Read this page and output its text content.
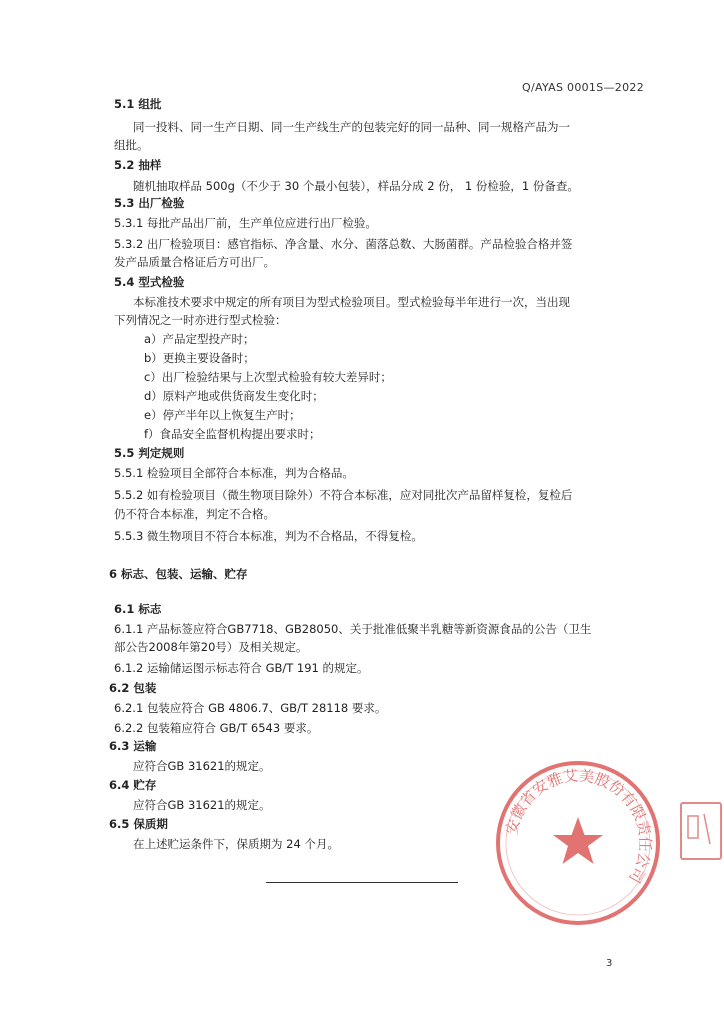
Q/AYAS 0001S—2022
5.1 组批
同一投料、同一生产日期、同一生产线生产的包装完好的同一品种、同一规格产品为一
组批。
5.2 抽样
随机抽取样品 500g（不少于 30 个最小包装），样品分成 2 份， 1 份检验，1 份备查。
5.3 出厂检验
5.3.1 每批产品出厂前，生产单位应进行出厂检验。
5.3.2 出厂检验项目：感官指标、净含量、水分、菌落总数、大肠菌群。产品检验合格并签
发产品质量合格证后方可出厂。
5.4 型式检验
本标准技术要求中规定的所有项目为型式检验项目。型式检验每半年进行一次，当出现
下列情况之一时亦进行型式检验：
a）产品定型投产时；
b）更换主要设备时；
c）出厂检验结果与上次型式检验有较大差异时；
d）原料产地或供货商发生变化时；
e）停产半年以上恢复生产时；
f）食品安全监督机构提出要求时；
5.5 判定规则
5.5.1 检验项目全部符合本标准，判为合格品。
5.5.2 如有检验项目（微生物项目除外）不符合本标准，应对同批次产品留样复检，复检后
仍不符合本标准，判定不合格。
5.5.3 微生物项目不符合本标准，判为不合格品，不得复检。
6 标志、包装、运输、贮存
6.1 标志
6.1.1 产品标签应符合GB7718、GB28050、关于批准低聚半乳糖等新资源食品的公告（卫生
部公告2008年第20号）及相关规定。
6.1.2 运输储运图示标志符合 GB/T 191 的规定。
6.2 包装
6.2.1 包装应符合 GB 4806.7、GB/T 28118 要求。
6.2.2 包装箱应符合 GB/T 6543 要求。
6.3 运输
应符合GB 31621的规定。
6.4 贮存
应符合GB 31621的规定。
6.5 保质期
在上述贮运条件下，保质期为 24 个月。
安徽省安雅艾美股份有限责任公司
3
